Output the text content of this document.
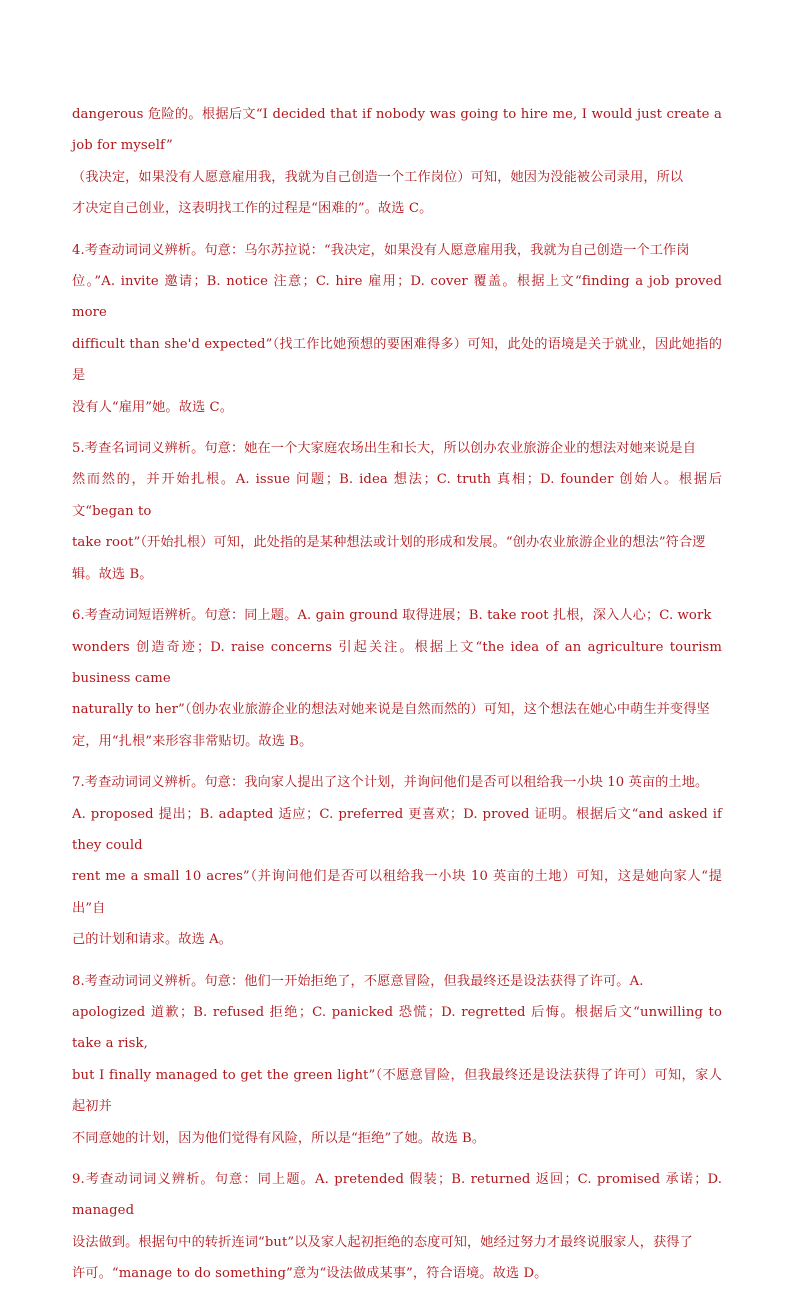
dangerous 危险的。根据后文“I decided that if nobody was going to hire me, I would just create a job for myself”

（我决定，如果没有人愿意雇用我，我就为自己创造一个工作岗位）可知，她因为没能被公司录用，所以

才决定自己创业，这表明找工作的过程是“困难的”。故选 C。

4.考查动词词义辨析。句意：乌尔苏拉说：“我决定，如果没有人愿意雇用我，我就为自己创造一个工作岗

位。”A. invite 邀请；B. notice 注意；C. hire 雇用；D. cover 覆盖。根据上文“finding a job proved more

difficult than she'd expected”（找工作比她预想的要困难得多）可知，此处的语境是关于就业，因此她指的是

没有人“雇用”她。故选 C。

5.考查名词词义辨析。句意：她在一个大家庭农场出生和长大，所以创办农业旅游企业的想法对她来说是自

然而然的，并开始扎根。A. issue 问题；B. idea 想法；C. truth 真相；D. founder 创始人。根据后文“began to

take root”（开始扎根）可知，此处指的是某种想法或计划的形成和发展。“创办农业旅游企业的想法”符合逻

辑。故选 B。

6.考查动词短语辨析。句意：同上题。A. gain ground 取得进展；B. take root 扎根，深入人心；C. work

wonders 创造奇迹；D. raise concerns 引起关注。根据上文“the idea of an agriculture tourism business came

naturally to her”（创办农业旅游企业的想法对她来说是自然而然的）可知，这个想法在她心中萌生并变得坚

定，用“扎根”来形容非常贴切。故选 B。

7.考查动词词义辨析。句意：我向家人提出了这个计划，并询问他们是否可以租给我一小块 10 英亩的土地。

A. proposed 提出；B. adapted 适应；C. preferred 更喜欢；D. proved 证明。根据后文“and asked if they could

rent me a small 10 acres”（并询问他们是否可以租给我一小块 10 英亩的土地）可知，这是她向家人“提出”自

己的计划和请求。故选 A。

8.考查动词词义辨析。句意：他们一开始拒绝了，不愿意冒险，但我最终还是设法获得了许可。A.

apologized 道歉；B. refused 拒绝；C. panicked 恐慌；D. regretted 后悔。根据后文“unwilling to take a risk,

but I finally managed to get the green light”（不愿意冒险，但我最终还是设法获得了许可）可知，家人起初并

不同意她的计划，因为他们觉得有风险，所以是“拒绝”了她。故选 B。

9.考查动词词义辨析。句意：同上题。A. pretended 假装；B. returned 返回；C. promised 承诺；D. managed

设法做到。根据句中的转折连词“but”以及家人起初拒绝的态度可知，她经过努力才最终说服家人，获得了

许可。“manage to do something”意为“设法做成某事”，符合语境。故选 D。
